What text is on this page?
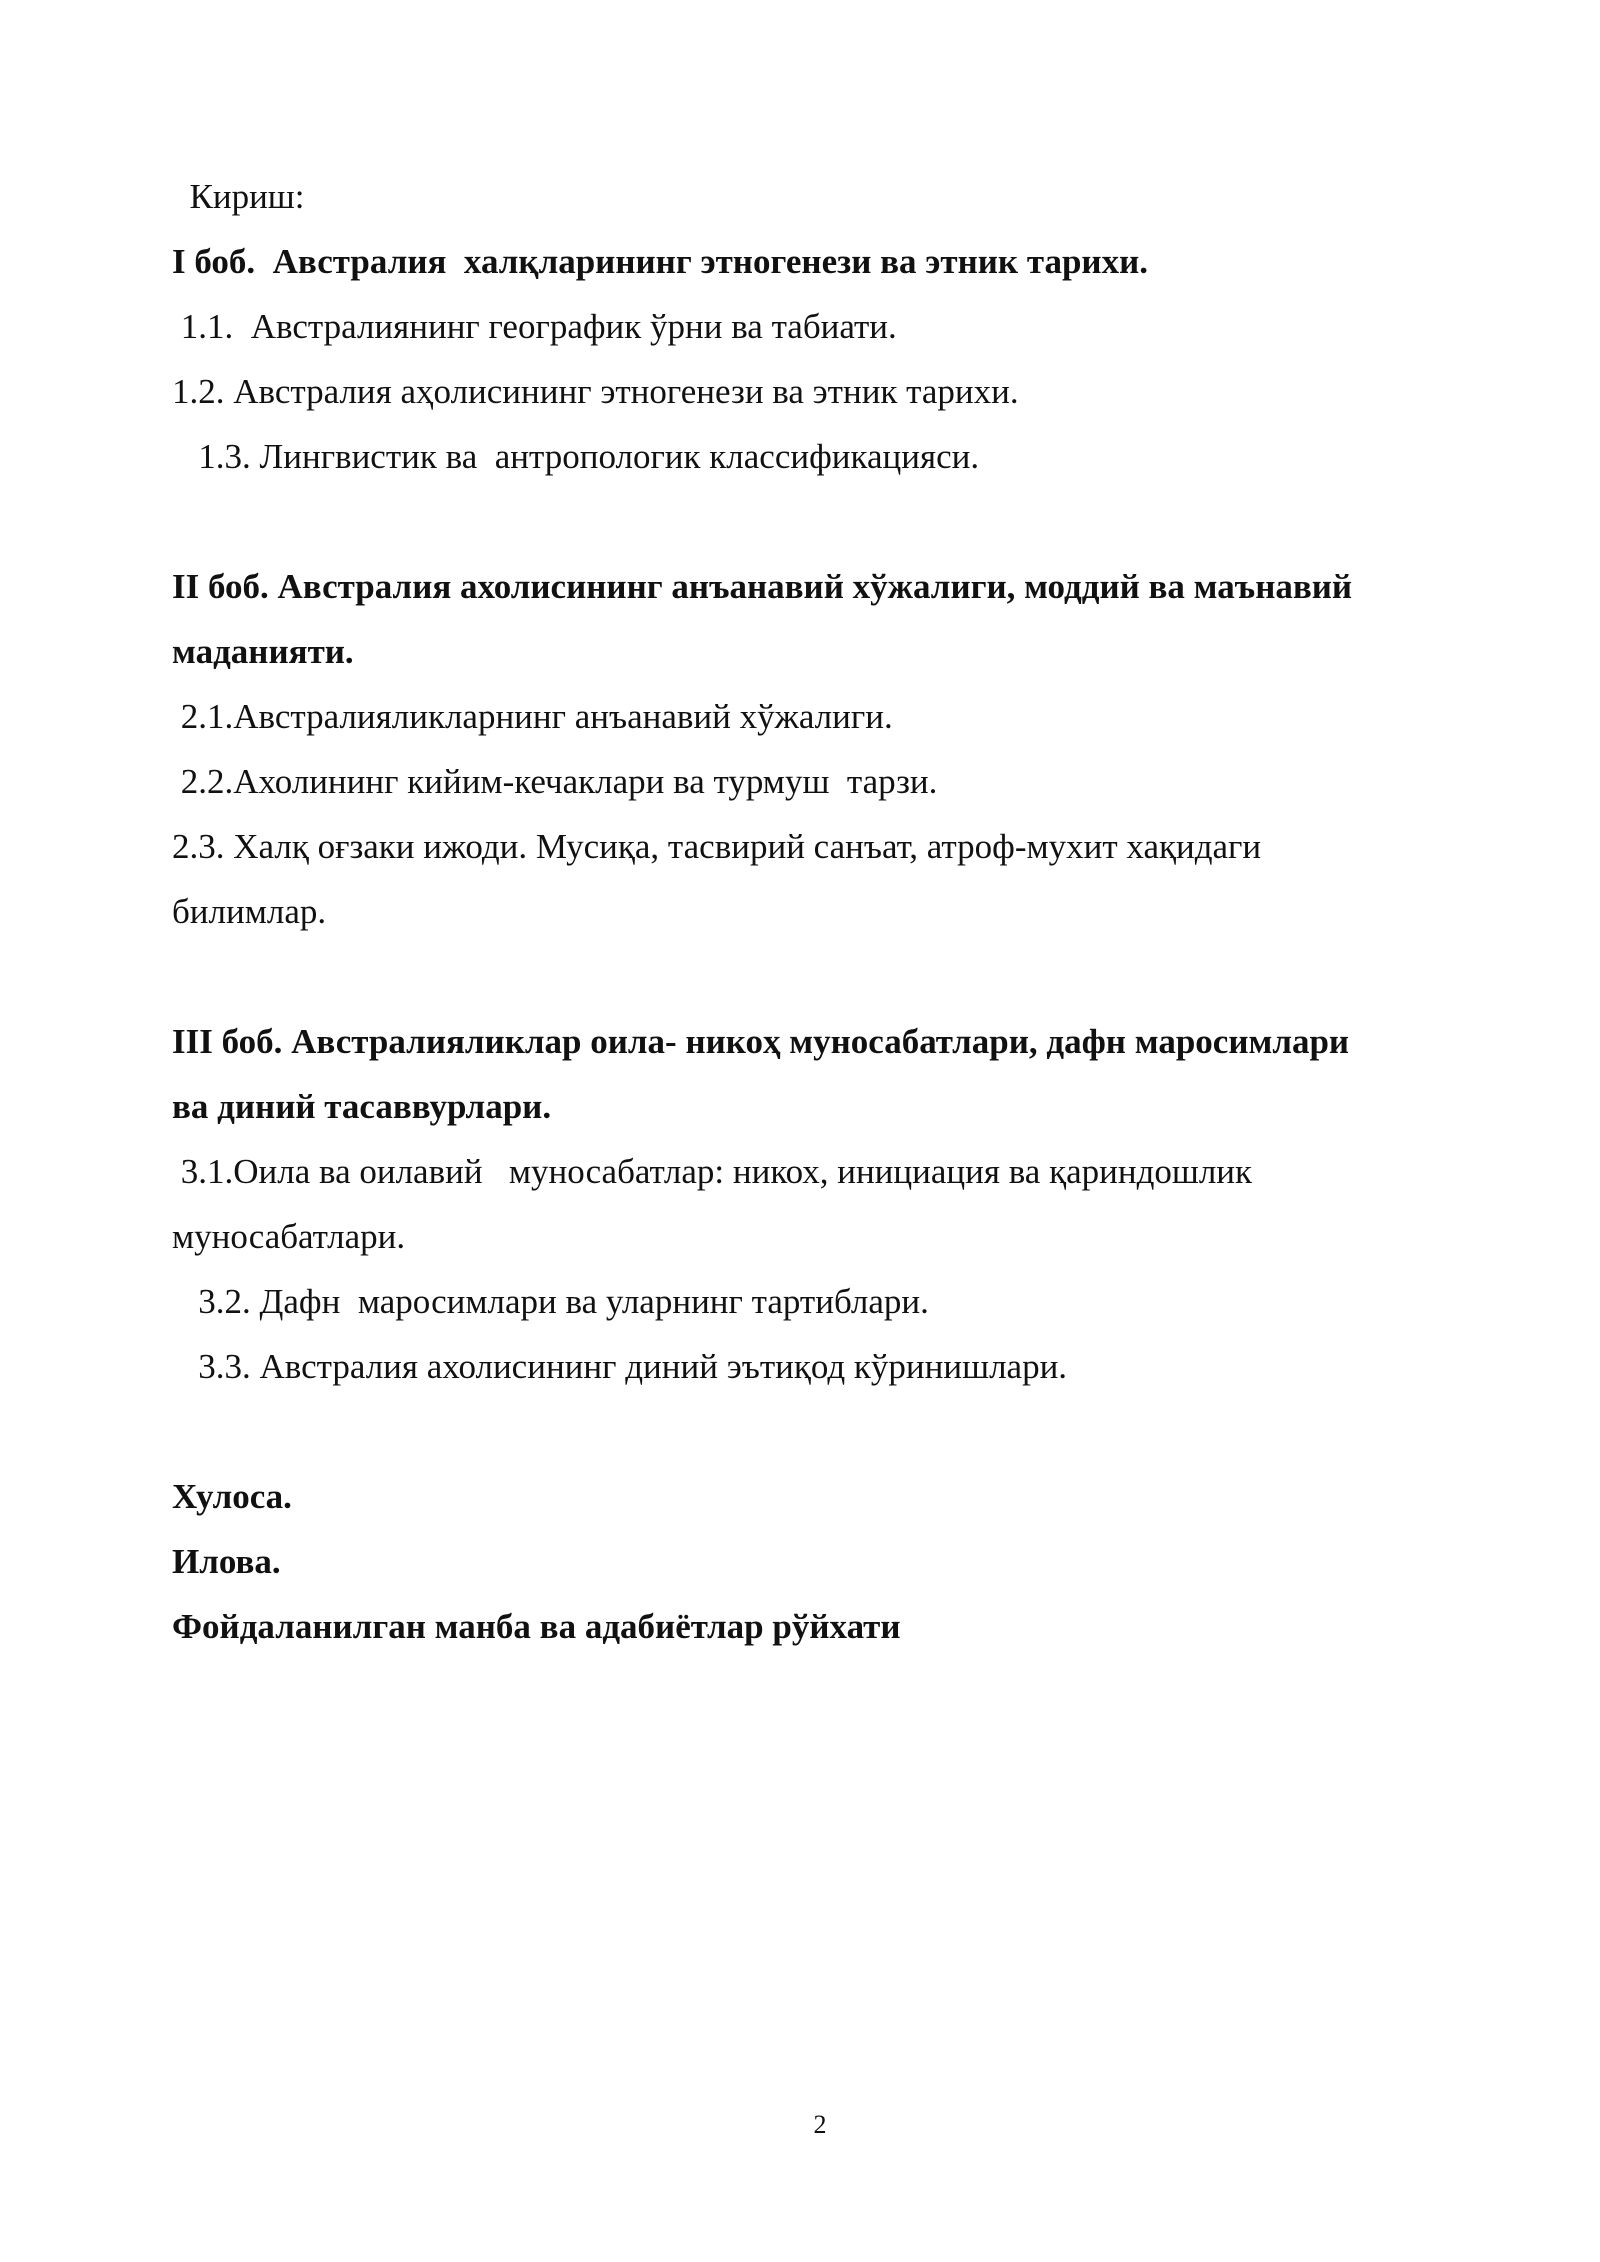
Кириш:
I боб.  Австралия  халқларининг этногенези ва этник тарихи.
1.1.  Австралиянинг географик ўрни ва табиати.
1.2. Австралия аҳолисининг этногенези ва этник тарихи.
1.3. Лингвистик ва  антропологик классификацияси.
II боб. Австралия ахолисининг анъанавий хўжалиги, моддий ва маънавий
маданияти.
2.1.Австралияликларнинг анъанавий хўжалиги.
2.2.Ахолининг кийим-кечаклари ва турмуш  тарзи.
2.3. Халқ оғзаки ижоди. Мусиқа, тасвирий санъат, атроф-мухит хақидаги
билимлар.
III боб. Австралияликлар оила- никоҳ муносабатлари, дафн маросимлари
ва диний тасаввурлари.
3.1.Оила ва оилавий   муносабатлар: никох, инициация ва қариндошлик
муносабатлари.
3.2. Дафн  маросимлари ва уларнинг тартиблари.
3.3. Австралия ахолисининг диний эътиқод кўринишлари.
Хулоса.
Илова.
Фойдаланилган манба ва адабиётлар рўйхати
2
